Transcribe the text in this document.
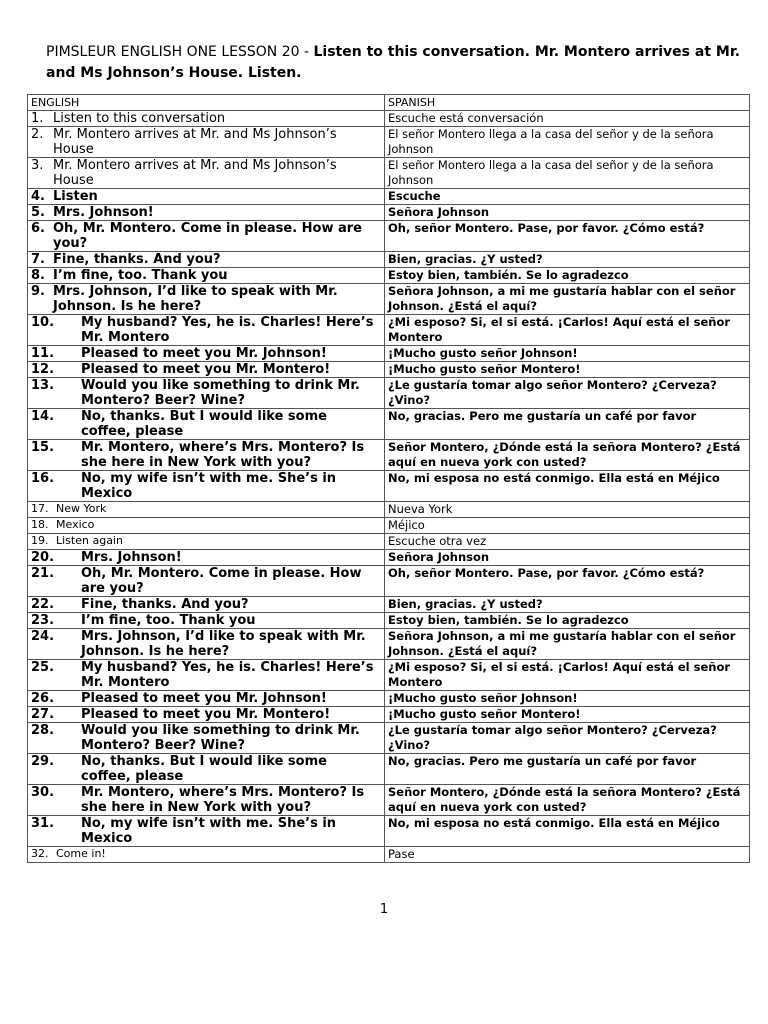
PIMSLEUR ENGLISH ONE LESSON 20 - Listen to this conversation. Mr. Montero arrives at Mr. and Ms Johnson’s House. Listen.
ENGLISH	SPANISH

1. Listen to this conversation	Escuche está conversación

2. Mr. Montero arrives at Mr. and Ms Johnson’s House	El señor Montero llega a la casa del señor y de la señora Johnson

3. Mr. Montero arrives at Mr. and Ms Johnson’s House	El señor Montero llega a la casa del señor y de la señora Johnson

4. Listen	Escuche

5. Mrs. Johnson!	Señora Johnson

6. Oh, Mr. Montero. Come in please. How are you?	Oh, señor Montero. Pase, por favor. ¿Cómo está?

7. Fine, thanks. And you?	Bien, gracias. ¿Y usted?

8. I’m fine, too. Thank you	Estoy bien, también. Se lo agradezco

9. Mrs. Johnson, I’d like to speak with Mr. Johnson. Is he here?	Señora Johnson, a mi me gustaría hablar con el señor Johnson. ¿Está el aquí?

10. My husband? Yes, he is. Charles! Here’s Mr. Montero	¿Mi esposo? Si, el si está. ¡Carlos! Aquí está el señor Montero

11. Pleased to meet you Mr. Johnson!	¡Mucho gusto señor Johnson!

12. Pleased to meet you Mr. Montero!	¡Mucho gusto señor Montero!

13. Would you like something to drink Mr. Montero? Beer? Wine?	¿Le gustaría tomar algo señor Montero? ¿Cerveza? ¿Vino?

14. No, thanks. But I would like some coffee, please	No, gracias. Pero me gustaría un café por favor

15. Mr. Montero, where’s Mrs. Montero? Is she here in New York with you?	Señor Montero, ¿Dónde está la señora Montero? ¿Está aquí en nueva york con usted?

16. No, my wife isn’t with me. She’s in Mexico	No, mi esposa no está conmigo. Ella está en Méjico

17. New York	Nueva York

18. Mexico	Méjico

19. Listen again	Escuche otra vez

20. Mrs. Johnson!	Señora Johnson

21. Oh, Mr. Montero. Come in please. How are you?	Oh, señor Montero. Pase, por favor. ¿Cómo está?

22. Fine, thanks. And you?	Bien, gracias. ¿Y usted?

23. I’m fine, too. Thank you	Estoy bien, también. Se lo agradezco

24. Mrs. Johnson, I’d like to speak with Mr. Johnson. Is he here?	Señora Johnson, a mi me gustaría hablar con el señor Johnson. ¿Está el aquí?

25. My husband? Yes, he is. Charles! Here’s Mr. Montero	¿Mi esposo? Si, el si está. ¡Carlos! Aquí está el señor Montero

26. Pleased to meet you Mr. Johnson!	¡Mucho gusto señor Johnson!

27. Pleased to meet you Mr. Montero!	¡Mucho gusto señor Montero!

28. Would you like something to drink Mr. Montero? Beer? Wine?	¿Le gustaría tomar algo señor Montero? ¿Cerveza? ¿Vino?

29. No, thanks. But I would like some coffee, please	No, gracias. Pero me gustaría un café por favor

30. Mr. Montero, where’s Mrs. Montero? Is she here in New York with you?	Señor Montero, ¿Dónde está la señora Montero? ¿Está aquí en nueva york con usted?

31. No, my wife isn’t with me. She’s in Mexico	No, mi esposa no está conmigo. Ella está en Méjico

32. Come in!	Pase
1
